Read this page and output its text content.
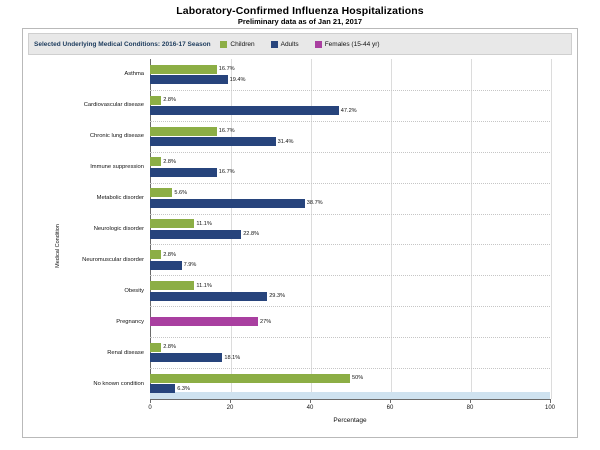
Laboratory-Confirmed Influenza Hospitalizations
Preliminary data as of Jan 21, 2017
Selected Underlying Medical Conditions: 2016-17 Season	Children	Adults	Females (15-44 yr)
Medical Condition
Asthma
Cardiovascular disease
Chronic lung disease
Immune suppression
Metabolic disorder
Neurologic disorder
Neuromuscular disorder
Obesity
Pregnancy
Renal disease
No known condition
0	20	40	60	80	100
Percentage
16.7%
19.4%
2.8%
47.2%
16.7%
31.4%
2.8%
16.7%
5.6%
38.7%
11.1%
22.8%
2.8%
7.9%
11.1%
29.3%
27%
2.8%
18.1%
50%
6.3%
